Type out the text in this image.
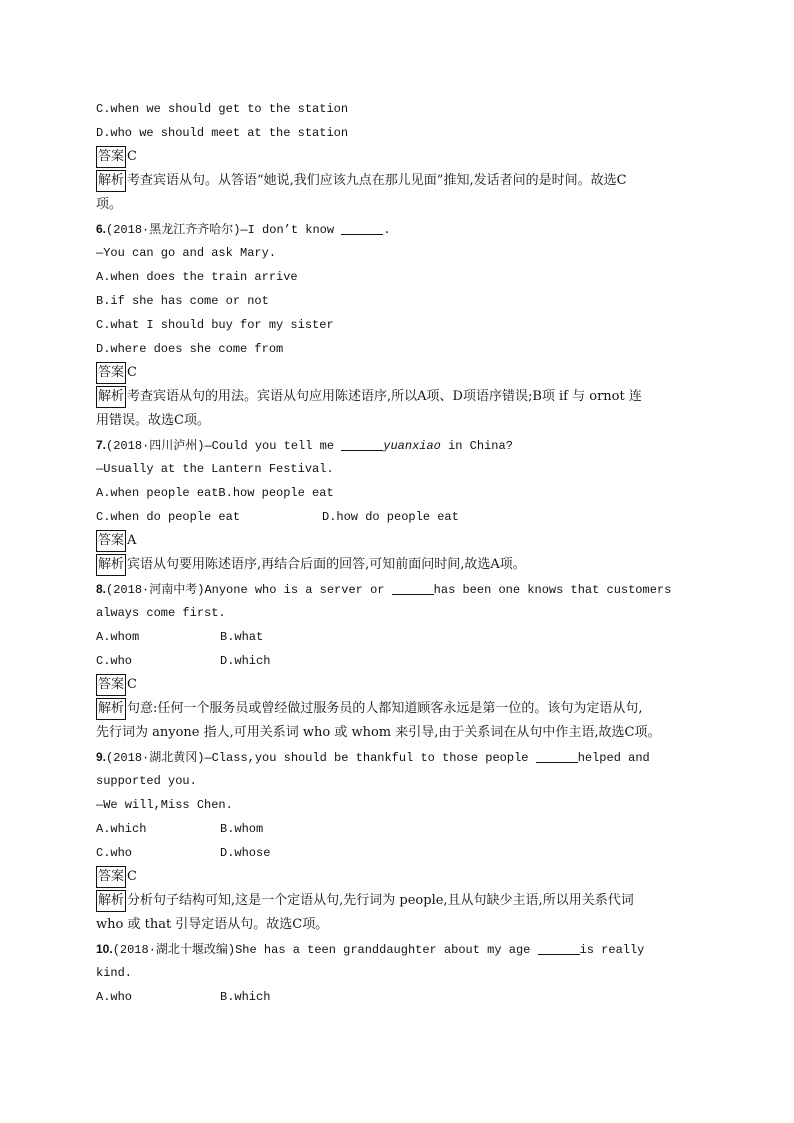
C.when we should get to the station
D.who we should meet at the station
答案 C
解析 考查宾语从句。从答语“她说,我们应该九点在那儿见面”推知,发话者问的是时间。故选C
项。
6.(2018·黑龙江齐齐哈尔)—I don’t know	.
—You can go and ask Mary.
A.when does the train arrive
B.if she has come or not
C.what I should buy for my sister
D.where does she come from
答案 C
解析 考查宾语从句的用法。宾语从句应用陈述语序,所以A项、D项语序错误;B项 if 与 ornot 连
用错误。故选C项。
7.(2018·四川泸州)—Could you tell me	yuanxiao in China?
—Usually at the Lantern Festival.
A.when people eatB.how people eat
C.when do people eat	D.how do people eat
答案 A
解析 宾语从句要用陈述语序,再结合后面的回答,可知前面问时间,故选A项。
8.(2018·河南中考)Anyone who is a server or	has been one knows that customers
always come first.
A.whom	B.what
C.who	D.which
答案 C
解析 句意:任何一个服务员或曾经做过服务员的人都知道顾客永远是第一位的。该句为定语从句,
先行词为 anyone 指人,可用关系词 who 或 whom 来引导,由于关系词在从句中作主语,故选C项。
9.(2018·湖北黄冈)—Class,you should be thankful to those people	helped and
supported you.
—We will,Miss Chen.
A.which	B.whom
C.who	D.whose
答案 C
解析 分析句子结构可知,这是一个定语从句,先行词为 people,且从句缺少主语,所以用关系代词
who 或 that 引导定语从句。故选C项。
10.(2018·湖北十堰改编)She has a teen granddaughter about my age	is really
kind.
A.who	B.which
